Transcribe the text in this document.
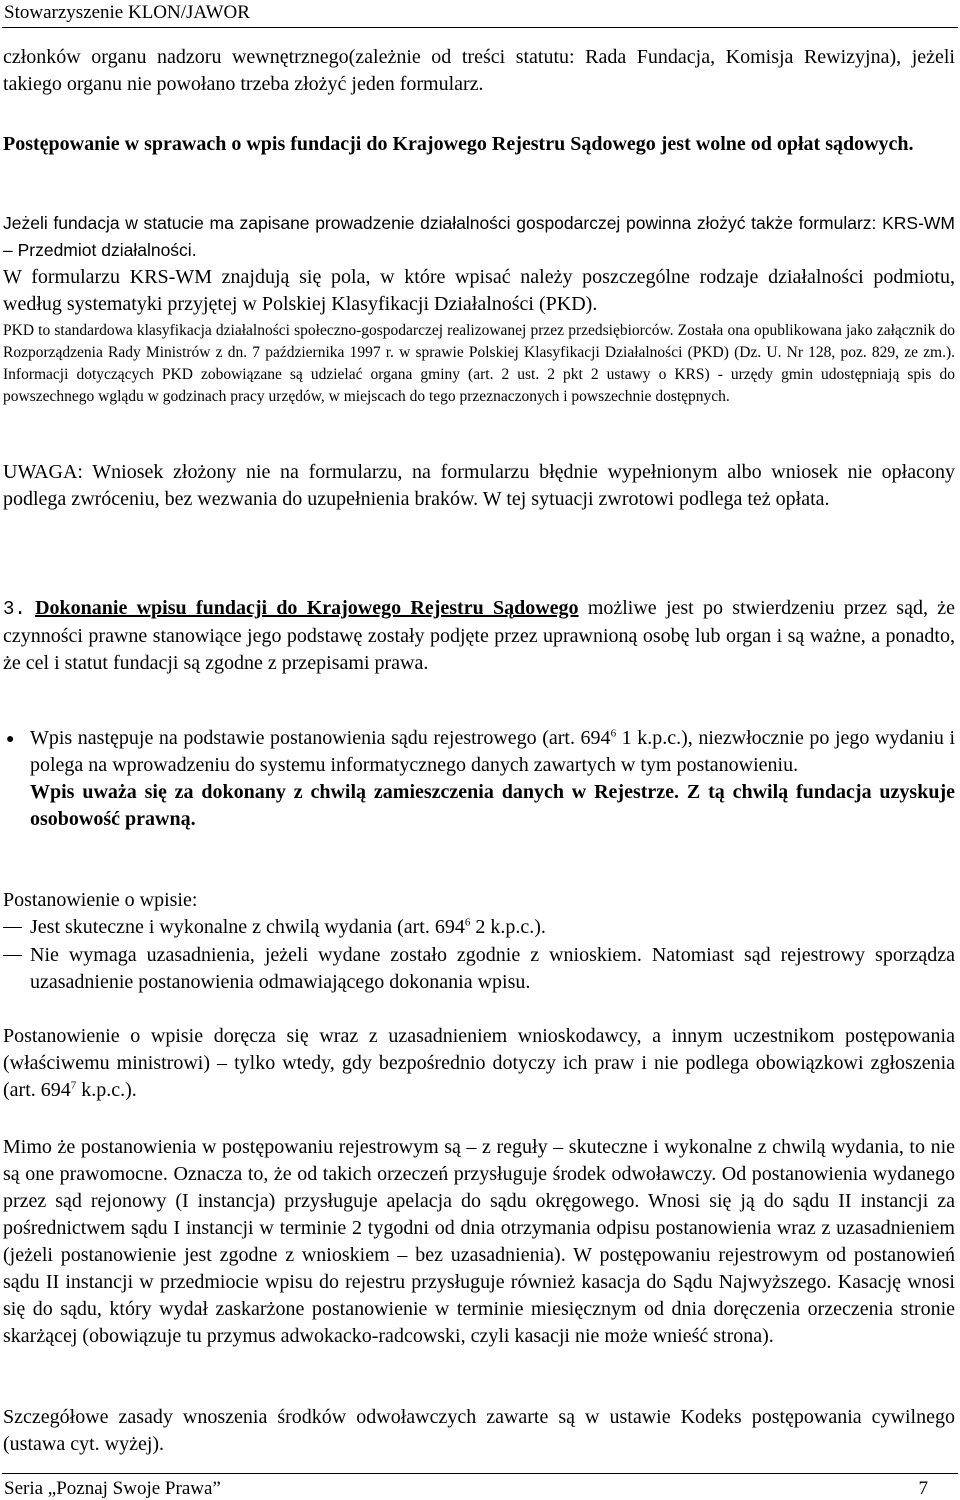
Stowarzyszenie KLON/JAWOR
członków organu nadzoru wewnętrznego(zależnie od treści statutu: Rada Fundacja, Komisja Rewizyjna), jeżeli takiego organu nie powołano trzeba złożyć jeden formularz.
Postępowanie w sprawach o wpis fundacji do Krajowego Rejestru Sądowego jest wolne od opłat sądowych.
Jeżeli fundacja w statucie ma zapisane prowadzenie działalności gospodarczej powinna złożyć także formularz: KRS-WM – Przedmiot działalności.
W formularzu KRS-WM znajdują się pola, w które wpisać należy poszczególne rodzaje działalności podmiotu, według systematyki przyjętej w Polskiej Klasyfikacji Działalności (PKD).
PKD to standardowa klasyfikacja działalności społeczno-gospodarczej realizowanej przez przedsiębiorców. Została ona opublikowana jako załącznik do Rozporządzenia Rady Ministrów z dn. 7 października 1997 r. w sprawie Polskiej Klasyfikacji Działalności (PKD) (Dz. U. Nr 128, poz. 829, ze zm.). Informacji dotyczących PKD zobowiązane są udzielać organa gminy (art. 2 ust. 2 pkt 2 ustawy o KRS) - urzędy gmin udostępniają spis do powszechnego wglądu w godzinach pracy urzędów, w miejscach do tego przeznaczonych i powszechnie dostępnych.
UWAGA: Wniosek złożony nie na formularzu, na formularzu błędnie wypełnionym albo wniosek nie opłacony podlega zwróceniu, bez wezwania do uzupełnienia braków. W tej sytuacji zwrotowi podlega też opłata.
3. Dokonanie wpisu fundacji do Krajowego Rejestru Sądowego możliwe jest po stwierdzeniu przez sąd, że czynności prawne stanowiące jego podstawę zostały podjęte przez uprawnioną osobę lub organ i są ważne, a ponadto, że cel i statut fundacji są zgodne z przepisami prawa.
● Wpis następuje na podstawie postanowienia sądu rejestrowego (art. $694^6$ 1 k.p.c.), niezwłocznie po jego wydaniu i polega na wprowadzeniu do systemu informatycznego danych zawartych w tym postanowieniu.
Wpis uważa się za dokonany z chwilą zamieszczenia danych w Rejestrze. Z tą chwilą fundacja uzyskuje osobowość prawną.
Postanowienie o wpisie:
Jest skuteczne i wykonalne z chwilą wydania (art. $694^6$ 2 k.p.c.).
Nie wymaga uzasadnienia, jeżeli wydane zostało zgodnie z wnioskiem. Natomiast sąd rejestrowy sporządza uzasadnienie postanowienia odmawiającego dokonania wpisu.
Postanowienie o wpisie doręcza się wraz z uzasadnieniem wnioskodawcy, a innym uczestnikom postępowania (właściwemu ministrowi) – tylko wtedy, gdy bezpośrednio dotyczy ich praw i nie podlega obowiązkowi zgłoszenia (art. $694^7$ k.p.c.).
Mimo że postanowienia w postępowaniu rejestrowym są – z reguły – skuteczne i wykonalne z chwilą wydania, to nie są one prawomocne. Oznacza to, że od takich orzeczeń przysługuje środek odwoławczy. Od postanowienia wydanego przez sąd rejonowy (I instancja) przysługuje apelacja do sądu okręgowego. Wnosi się ją do sądu II instancji za pośrednictwem sądu I instancji w terminie 2 tygodni od dnia otrzymania odpisu postanowienia wraz z uzasadnieniem (jeżeli postanowienie jest zgodne z wnioskiem – bez uzasadnienia). W postępowaniu rejestrowym od postanowień sądu II instancji w przedmiocie wpisu do rejestru przysługuje również kasacja do Sądu Najwyższego. Kasację wnosi się do sądu, który wydał zaskarżone postanowienie w terminie miesięcznym od dnia doręczenia orzeczenia stronie skarżącej (obowiązuje tu przymus adwokacko-radcowski, czyli kasacji nie może wnieść strona).
Szczegółowe zasady wnoszenia środków odwoławczych zawarte są w ustawie Kodeks postępowania cywilnego (ustawa cyt. wyżej).
Seria „Poznaj Swoje Prawa”	7
